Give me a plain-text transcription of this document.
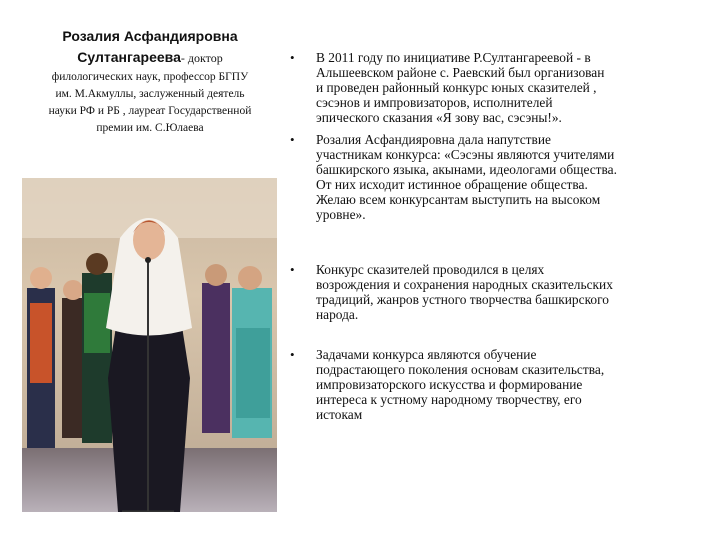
Розалия Асфандияровна
Султангареева- доктор
филологических наук, профессор БГПУ
им. М.Акмуллы, заслуженный деятель
науки РФ и РБ , лауреат Государственной
премии им. С.Юлаева
• В 2011 году по инициативе Р.Султангареевой - в
Альшеевском районе с. Раевский был организован
и проведен районный конкурс юных сказителей ,
сэсэнов и импровизаторов, исполнителей
эпического сказания «Я зову вас, сэсэны!».
• Розалия Асфандияровна дала напутствие
участникам конкурса: «Сэсэны являются учителями
башкирского языка, акынами, идеологами общества.
От них исходит истинное обращение общества.
Желаю всем конкурсантам выступить на высоком
уровне».
• Конкурс сказителей проводился в целях
возрождения и сохранения народных сказительских
традиций, жанров устного творчества башкирского
народа.
• Задачами конкурса являются обучение
подрастающего поколения основам сказительства,
импровизаторского искусства и формирование
интереса к устному народному творчеству, его
истокам
